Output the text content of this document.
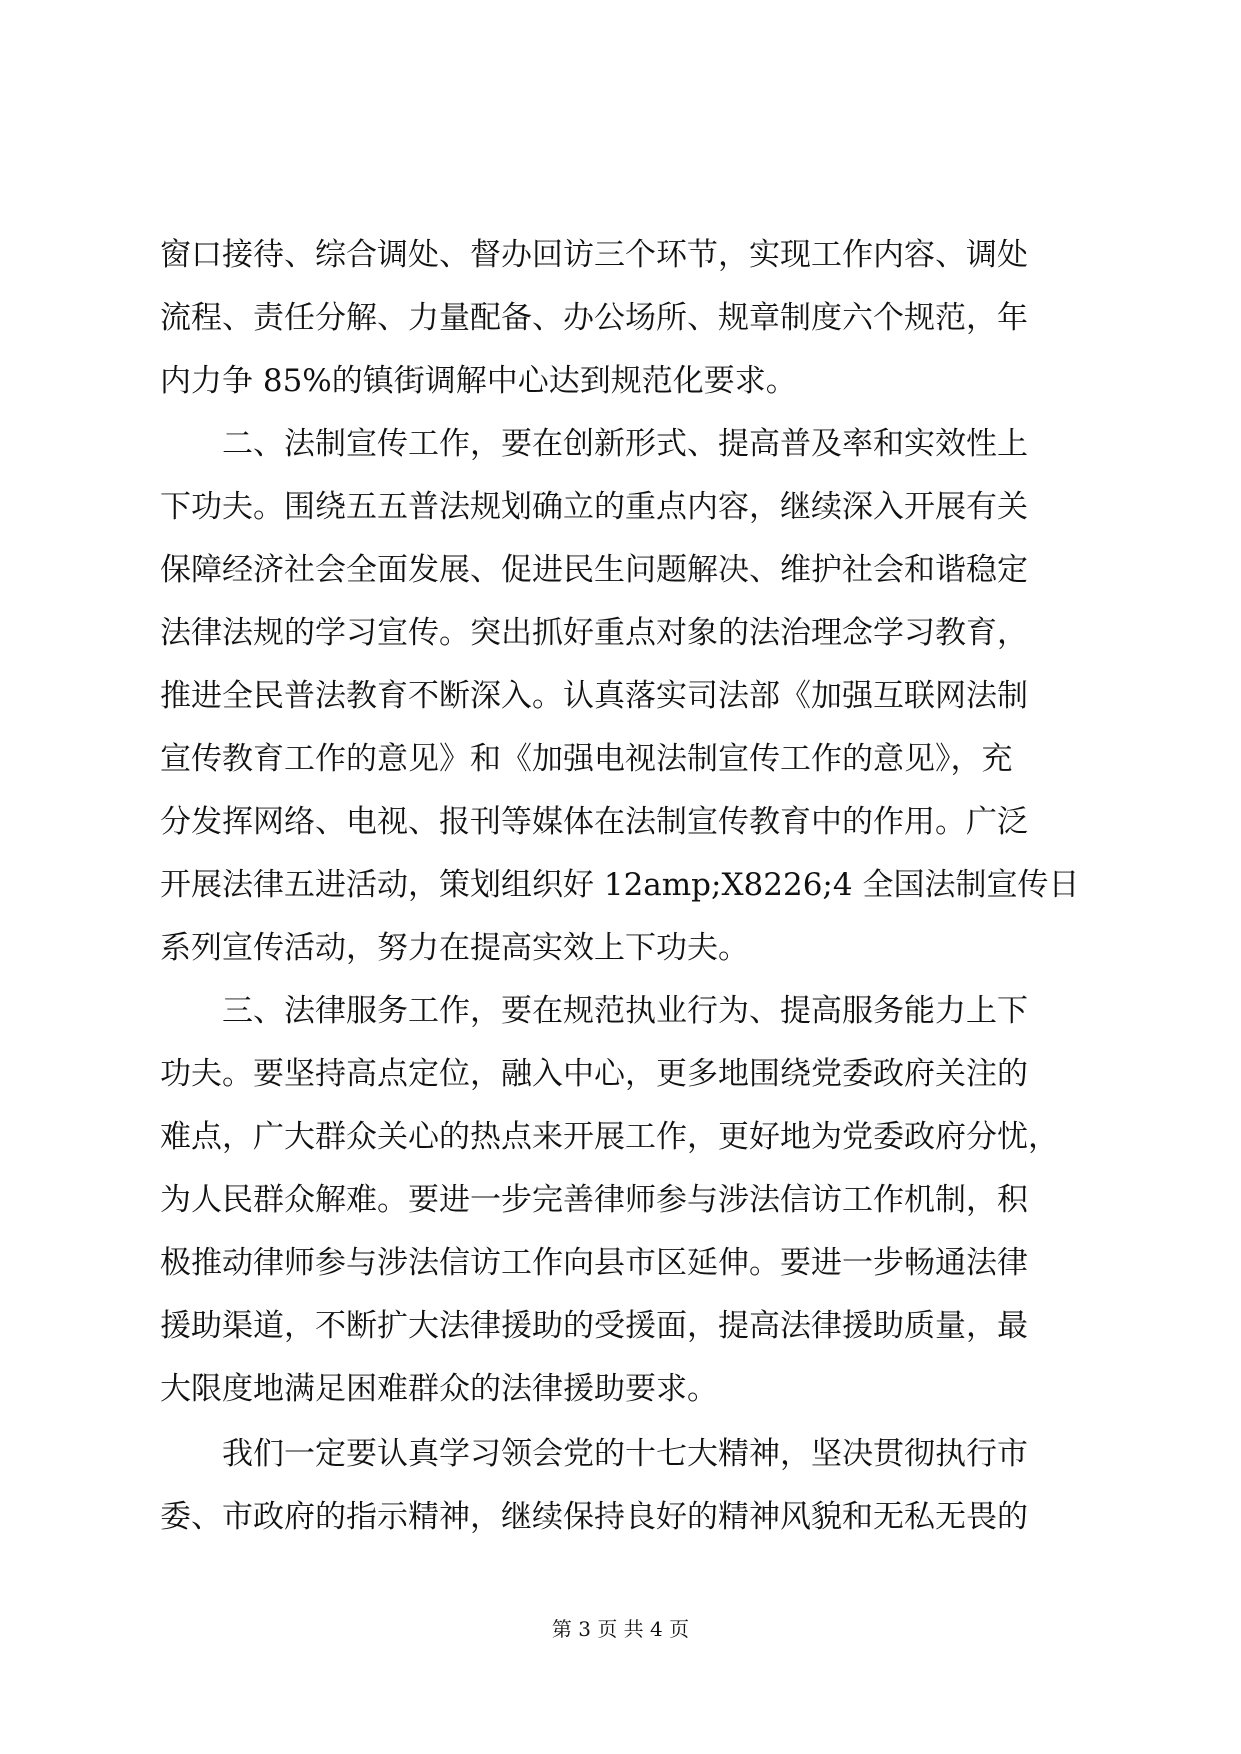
窗口接待、综合调处、督办回访三个环节，实现工作内容、调处
流程、责任分解、力量配备、办公场所、规章制度六个规范，年
内力争 85%的镇街调解中心达到规范化要求。
二、法制宣传工作，要在创新形式、提高普及率和实效性上
下功夫。围绕五五普法规划确立的重点内容，继续深入开展有关
保障经济社会全面发展、促进民生问题解决、维护社会和谐稳定
法律法规的学习宣传。突出抓好重点对象的法治理念学习教育，
推进全民普法教育不断深入。认真落实司法部《加强互联网法制
宣传教育工作的意见》和《加强电视法制宣传工作的意见》，充
分发挥网络、电视、报刊等媒体在法制宣传教育中的作用。广泛
开展法律五进活动，策划组织好 12amp;X8226;4 全国法制宣传日
系列宣传活动，努力在提高实效上下功夫。
三、法律服务工作，要在规范执业行为、提高服务能力上下
功夫。要坚持高点定位，融入中心，更多地围绕党委政府关注的
难点，广大群众关心的热点来开展工作，更好地为党委政府分忧，
为人民群众解难。要进一步完善律师参与涉法信访工作机制，积
极推动律师参与涉法信访工作向县市区延伸。要进一步畅通法律
援助渠道，不断扩大法律援助的受援面，提高法律援助质量，最
大限度地满足困难群众的法律援助要求。
我们一定要认真学习领会党的十七大精神，坚决贯彻执行市
委、市政府的指示精神，继续保持良好的精神风貌和无私无畏的
第 3 页 共 4 页
